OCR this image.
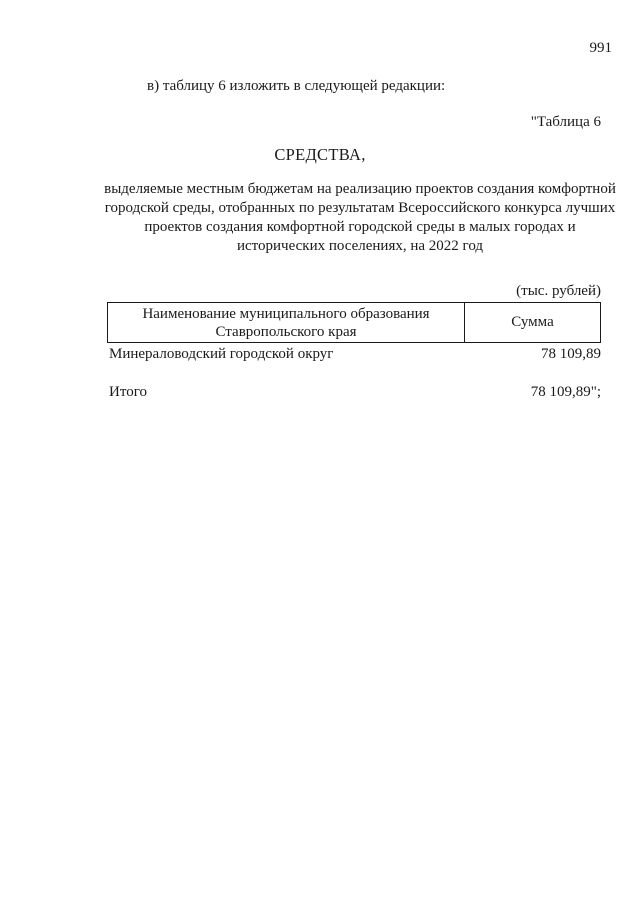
991
в) таблицу 6 изложить в следующей редакции:
"Таблица 6
СРЕДСТВА,
выделяемые местным бюджетам на реализацию проектов создания комфортной городской среды, отобранных по результатам Всероссийского конкурса лучших проектов создания комфортной городской среды в малых городах и исторических поселениях, на 2022 год
(тыс. рублей)
Наименование муниципального образования Ставропольского края
Сумма
Минераловодский городской округ	78 109,89
Итого	78 109,89";
